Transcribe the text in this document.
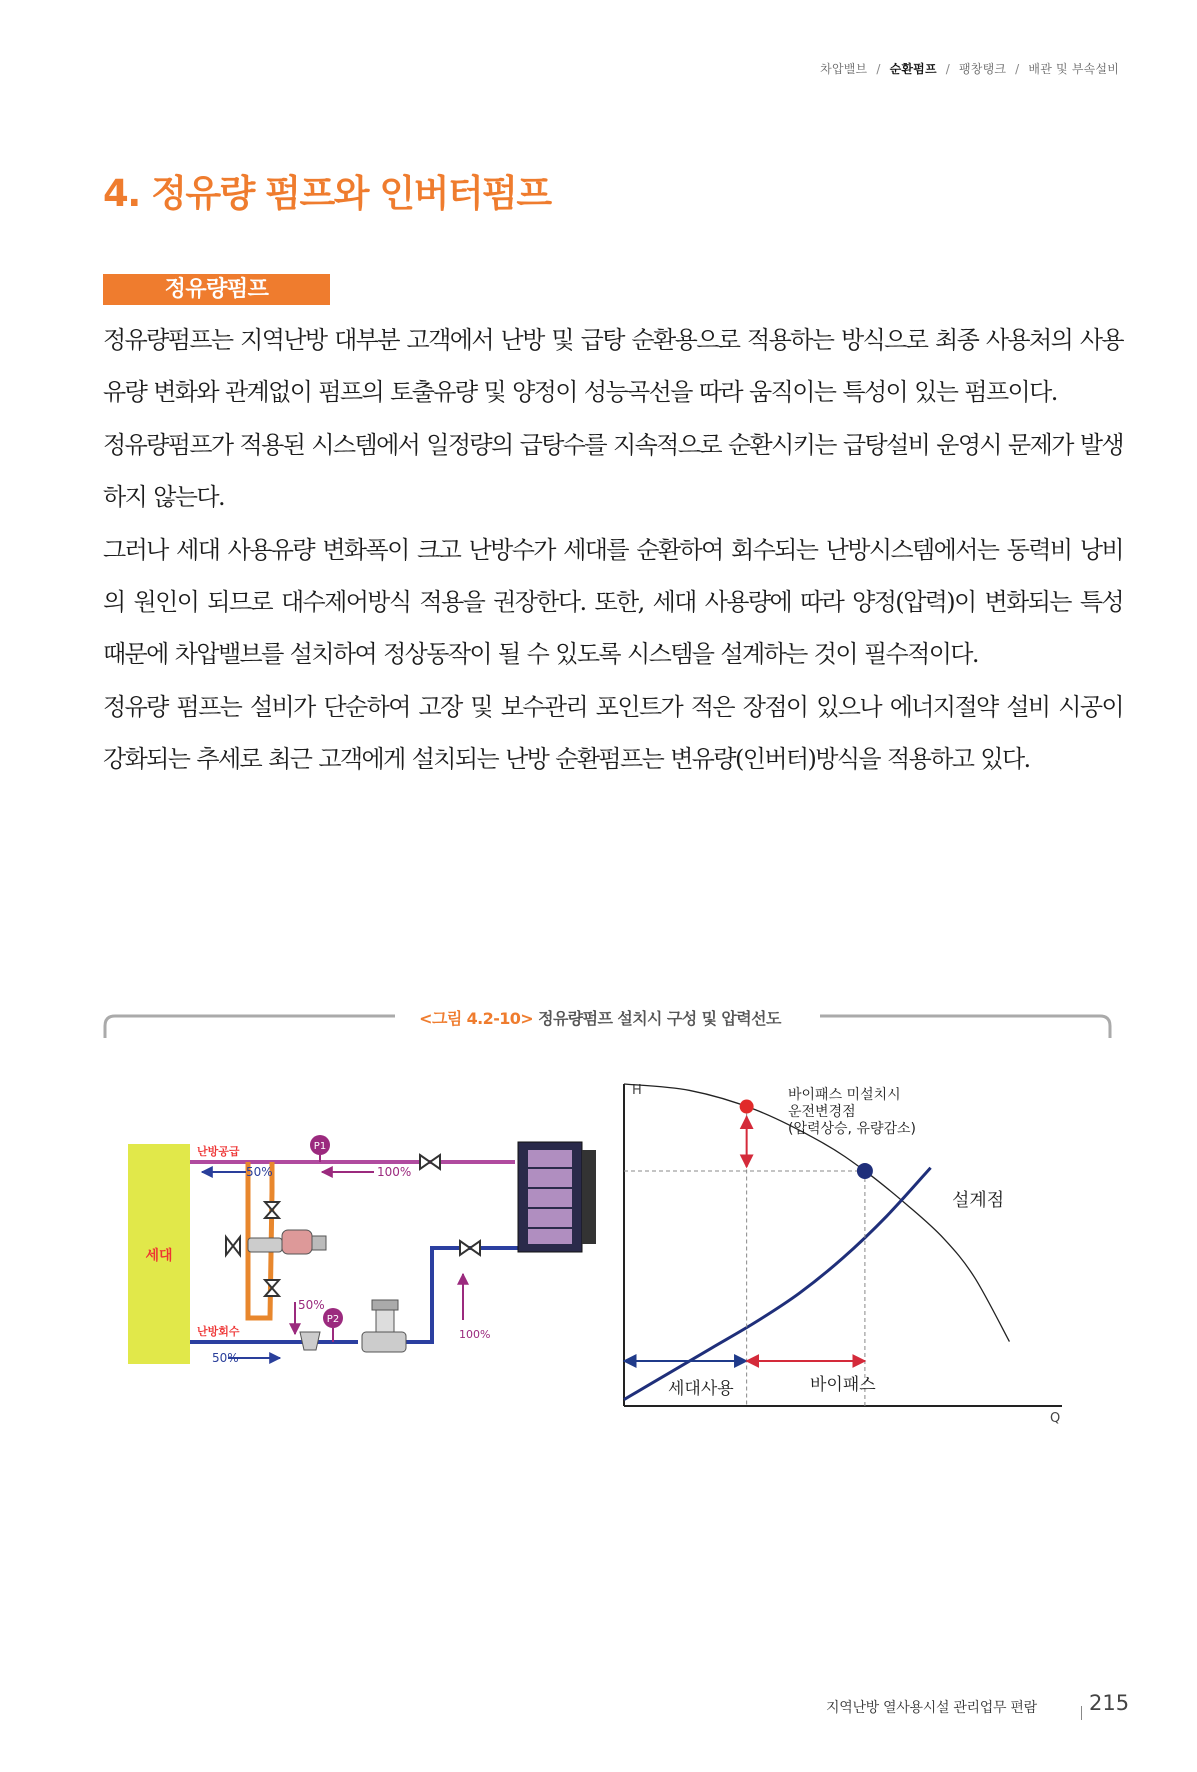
차압밸브 / 순환펌프 / 팽창탱크 / 배관 및 부속설비
4. 정유량 펌프와 인버터펌프
정유량펌프

정유량펌프는 지역난방 대부분 고객에서 난방 및 급탕 순환용으로 적용하는 방식으로 최종 사용처의 사용유량 변화와 관계없이 펌프의 토출유량 및 양정이 성능곡선을 따라 움직이는 특성이 있는 펌프이다.

정유량펌프가 적용된 시스템에서 일정량의 급탕수를 지속적으로 순환시키는 급탕설비 운영시 문제가 발생하지 않는다.

그러나 세대 사용유량 변화폭이 크고 난방수가 세대를 순환하여 회수되는 난방시스템에서는 동력비 낭비의 원인이 되므로 대수제어방식 적용을 권장한다. 또한, 세대 사용량에 따라 양정(압력)이 변화되는 특성 때문에 차압밸브를 설치하여 정상동작이 될 수 있도록 시스템을 설계하는 것이 필수적이다.

정유량 펌프는 설비가 단순하여 고장 및 보수관리 포인트가 적은 장점이 있으나 에너지절약 설비 시공이 강화되는 추세로 최근 고객에게 설치되는 난방 순환펌프는 변유량(인버터)방식을 적용하고 있다.

<그림 4.2-10> 정유량펌프 설치시 구성 및 압력선도
세대
난방공급
난방회수
50%	100%
50%
50%
100%
P1
P2
H
Q
바이패스 미설치시
운전변경점
(압력상승, 유량감소)
설계점
세대사용	바이패스
지역난방 열사용시설 관리업무 편람 215
